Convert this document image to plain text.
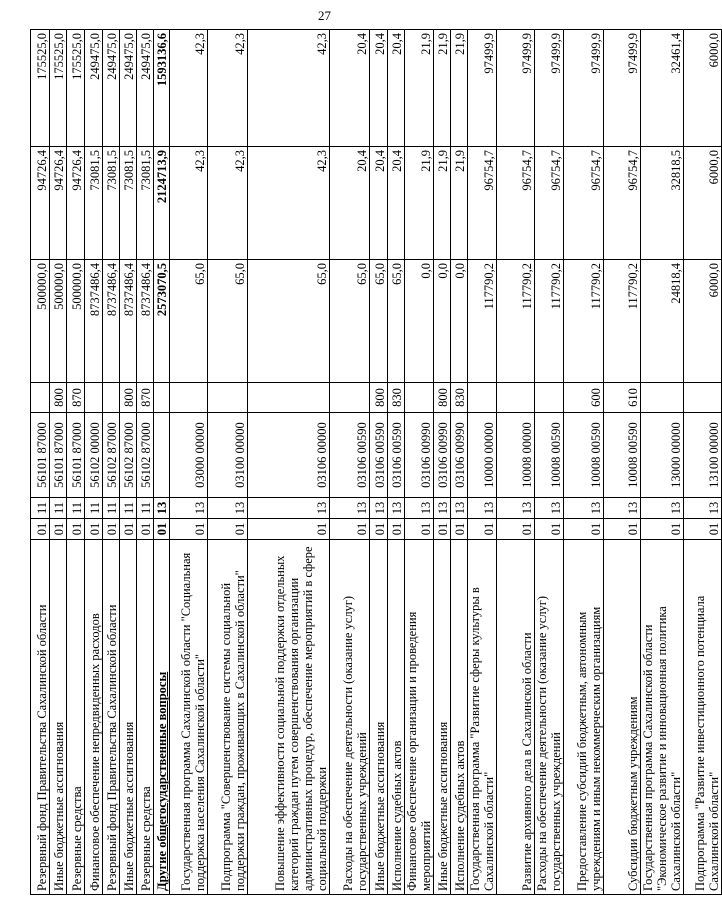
27
Резервный фонд Правительства Сахалинской области	01	11	56101 87000		500000,0	94726,4	175525,0
Иные бюджетные ассигнования	01	11	56101 87000	800	500000,0	94726,4	175525,0
Резервные средства	01	11	56101 87000	870	500000,0	94726,4	175525,0
Финансовое обеспечение непредвиденных расходов	01	11	56102 00000		8737486,4	73081,5	249475,0
Резервный фонд Правительства Сахалинской области	01	11	56102 87000		8737486,4	73081,5	249475,0
Иные бюджетные ассигнования	01	11	56102 87000	800	8737486,4	73081,5	249475,0
Резервные средства	01	11	56102 87000	870	8737486,4	73081,5	249475,0
Другие общегосударственные вопросы	01	13			2573070,5	2124713,9	1593136,6
Государственная программа Сахалинской области "Социальная поддержка населения Сахалинской области"	01	13	03000 00000		65,0	42,3	42,3
Подпрограмма "Совершенствование системы социальной поддержки граждан, проживающих в Сахалинской области"	01	13	03100 00000		65,0	42,3	42,3
Повышение эффективности социальной поддержки отдельных категорий граждан путем совершенствования организации административных процедур, обеспечение мероприятий в сфере социальной поддержки	01	13	03106 00000		65,0	42,3	42,3
Расходы на обеспечение деятельности (оказание услуг) государственных учреждений	01	13	03106 00590		65,0	20,4	20,4
Иные бюджетные ассигнования	01	13	03106 00590	800	65,0	20,4	20,4
Исполнение судебных актов	01	13	03106 00590	830	65,0	20,4	20,4
Финансовое обеспечение организации и проведения мероприятий	01	13	03106 00990		0,0	21,9	21,9
Иные бюджетные ассигнования	01	13	03106 00990	800	0,0	21,9	21,9
Исполнение судебных актов	01	13	03106 00990	830	0,0	21,9	21,9
Государственная программа "Развитие сферы культуры в Сахалинской области"	01	13	10000 00000		117790,2	96754,7	97499,9
Развитие архивного дела в Сахалинской области	01	13	10008 00000		117790,2	96754,7	97499,9
Расходы на обеспечение деятельности (оказание услуг) государственных учреждений	01	13	10008 00590		117790,2	96754,7	97499,9
Предоставление субсидий бюджетным, автономным учреждениям и иным некоммерческим организациям	01	13	10008 00590	600	117790,2	96754,7	97499,9
Субсидии бюджетным учреждениям	01	13	10008 00590	610	117790,2	96754,7	97499,9
Государственная программа Сахалинской области "Экономическое развитие и инновационная политика Сахалинской области"	01	13	13000 00000		24818,4	32818,5	32461,4
Подпрограмма "Развитие инвестиционного потенциала Сахалинской области"	01	13	13100 00000		6000,0	6000,0	6000,0
